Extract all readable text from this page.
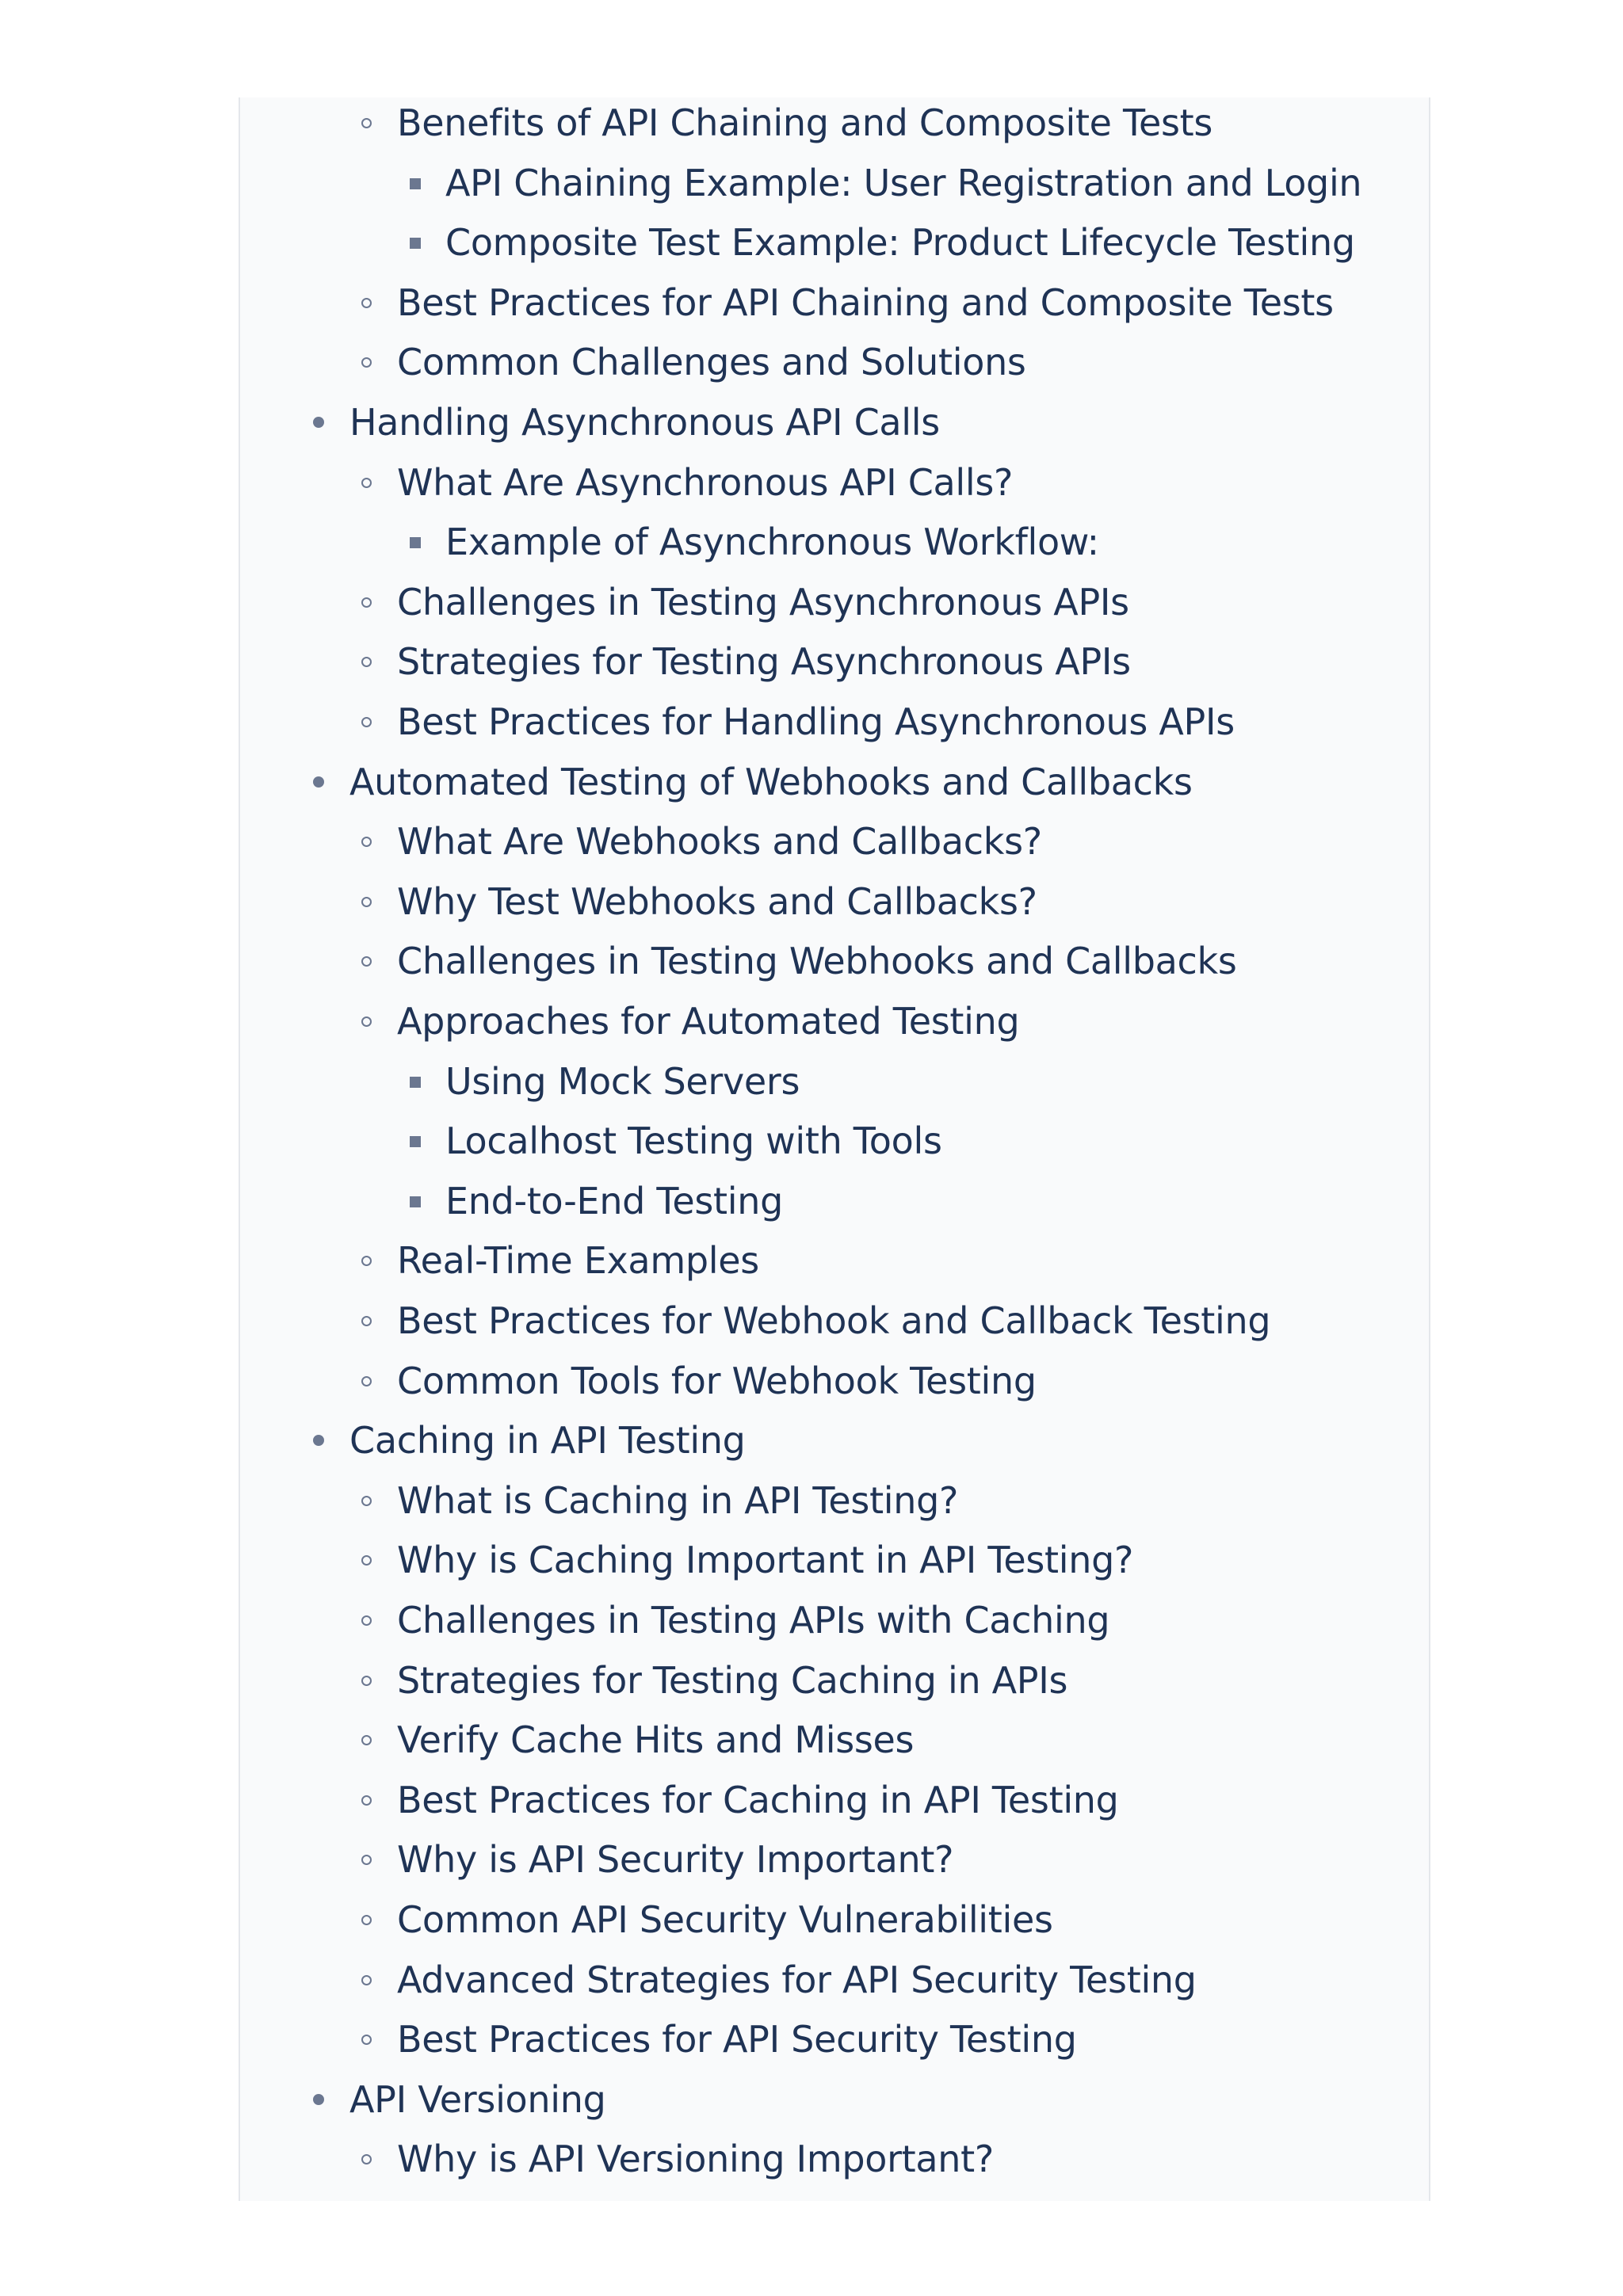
Benefits of API Chaining and Composite Tests
API Chaining Example: User Registration and Login
Composite Test Example: Product Lifecycle Testing
Best Practices for API Chaining and Composite Tests
Common Challenges and Solutions
Handling Asynchronous API Calls
What Are Asynchronous API Calls?
Example of Asynchronous Workflow:
Challenges in Testing Asynchronous APIs
Strategies for Testing Asynchronous APIs
Best Practices for Handling Asynchronous APIs
Automated Testing of Webhooks and Callbacks
What Are Webhooks and Callbacks?
Why Test Webhooks and Callbacks?
Challenges in Testing Webhooks and Callbacks
Approaches for Automated Testing
Using Mock Servers
Localhost Testing with Tools
End-to-End Testing
Real-Time Examples
Best Practices for Webhook and Callback Testing
Common Tools for Webhook Testing
Caching in API Testing
What is Caching in API Testing?
Why is Caching Important in API Testing?
Challenges in Testing APIs with Caching
Strategies for Testing Caching in APIs
Verify Cache Hits and Misses
Best Practices for Caching in API Testing
Why is API Security Important?
Common API Security Vulnerabilities
Advanced Strategies for API Security Testing
Best Practices for API Security Testing
API Versioning
Why is API Versioning Important?
